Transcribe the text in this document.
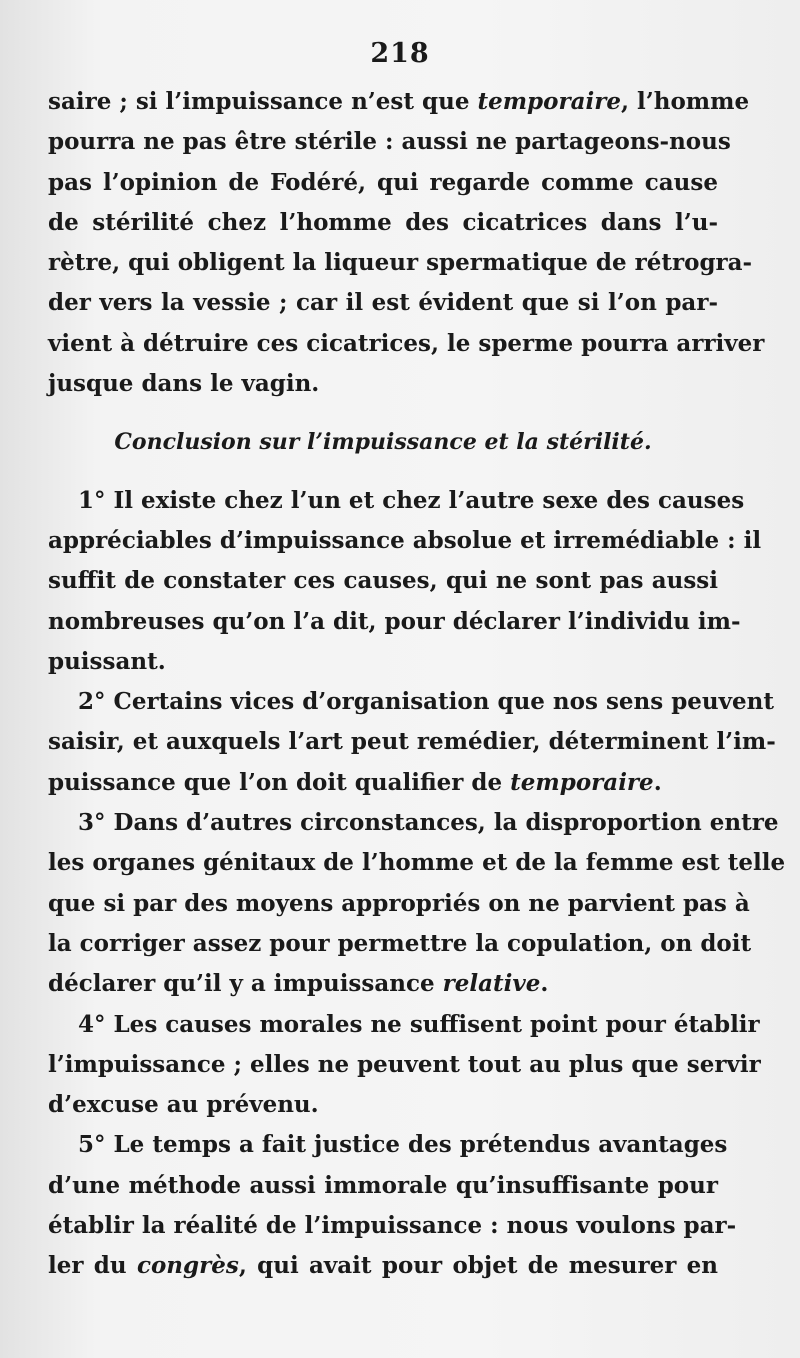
218
saire ; si l’impuissance n’est que temporaire, l’homme
pourra ne pas être stérile : aussi ne partageons-nous
pas l’opinion de Fodéré, qui regarde comme cause
de stérilité chez l’homme des cicatrices dans l’u-
rètre, qui obligent la liqueur spermatique de rétrogra-
der vers la vessie ; car il est évident que si l’on par-
vient à détruire ces cicatrices, le sperme pourra arriver
jusque dans le vagin.
Conclusion sur l’impuissance et la stérilité.
1° Il existe chez l’un et chez l’autre sexe des causes
appréciables d’impuissance absolue et irremédiable : il
suffit de constater ces causes, qui ne sont pas aussi
nombreuses qu’on l’a dit, pour déclarer l’individu im-
puissant.
2° Certains vices d’organisation que nos sens peuvent
saisir, et auxquels l’art peut remédier, déterminent l’im-
puissance que l’on doit qualifier de temporaire.
3° Dans d’autres circonstances, la disproportion entre
les organes génitaux de l’homme et de la femme est telle
que si par des moyens appropriés on ne parvient pas à
la corriger assez pour permettre la copulation, on doit
déclarer qu’il y a impuissance relative.
4° Les causes morales ne suffisent point pour établir
l’impuissance ; elles ne peuvent tout au plus que servir
d’excuse au prévenu.
5° Le temps a fait justice des prétendus avantages
d’une méthode aussi immorale qu’insuffisante pour
établir la réalité de l’impuissance : nous voulons par-
ler du congrès, qui avait pour objet de mesurer en
